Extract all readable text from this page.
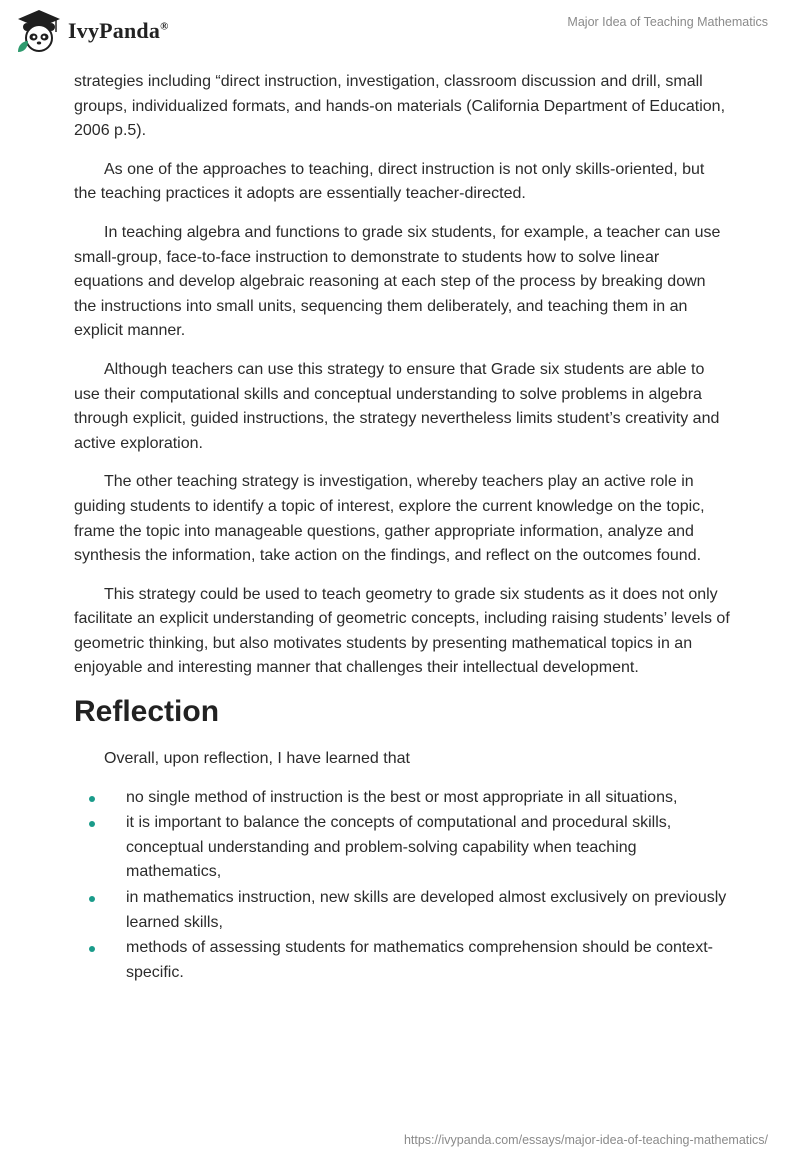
IvyPanda®	Major Idea of Teaching Mathematics

strategies including “direct instruction, investigation, classroom discussion and drill, small groups, individualized formats, and hands-on materials (California Department of Education, 2006 p.5).

As one of the approaches to teaching, direct instruction is not only skills-oriented, but the teaching practices it adopts are essentially teacher-directed.

In teaching algebra and functions to grade six students, for example, a teacher can use small-group, face-to-face instruction to demonstrate to students how to solve linear equations and develop algebraic reasoning at each step of the process by breaking down the instructions into small units, sequencing them deliberately, and teaching them in an explicit manner.

Although teachers can use this strategy to ensure that Grade six students are able to use their computational skills and conceptual understanding to solve problems in algebra through explicit, guided instructions, the strategy nevertheless limits student’s creativity and active exploration.

The other teaching strategy is investigation, whereby teachers play an active role in guiding students to identify a topic of interest, explore the current knowledge on the topic, frame the topic into manageable questions, gather appropriate information, analyze and synthesis the information, take action on the findings, and reflect on the outcomes found.

This strategy could be used to teach geometry to grade six students as it does not only facilitate an explicit understanding of geometric concepts, including raising students’ levels of geometric thinking, but also motivates students by presenting mathematical topics in an enjoyable and interesting manner that challenges their intellectual development.

Reflection

Overall, upon reflection, I have learned that

no single method of instruction is the best or most appropriate in all situations,
it is important to balance the concepts of computational and procedural skills, conceptual understanding and problem-solving capability when teaching mathematics,
in mathematics instruction, new skills are developed almost exclusively on previously learned skills,
methods of assessing students for mathematics comprehension should be context-specific.
https://ivypanda.com/essays/major-idea-of-teaching-mathematics/
